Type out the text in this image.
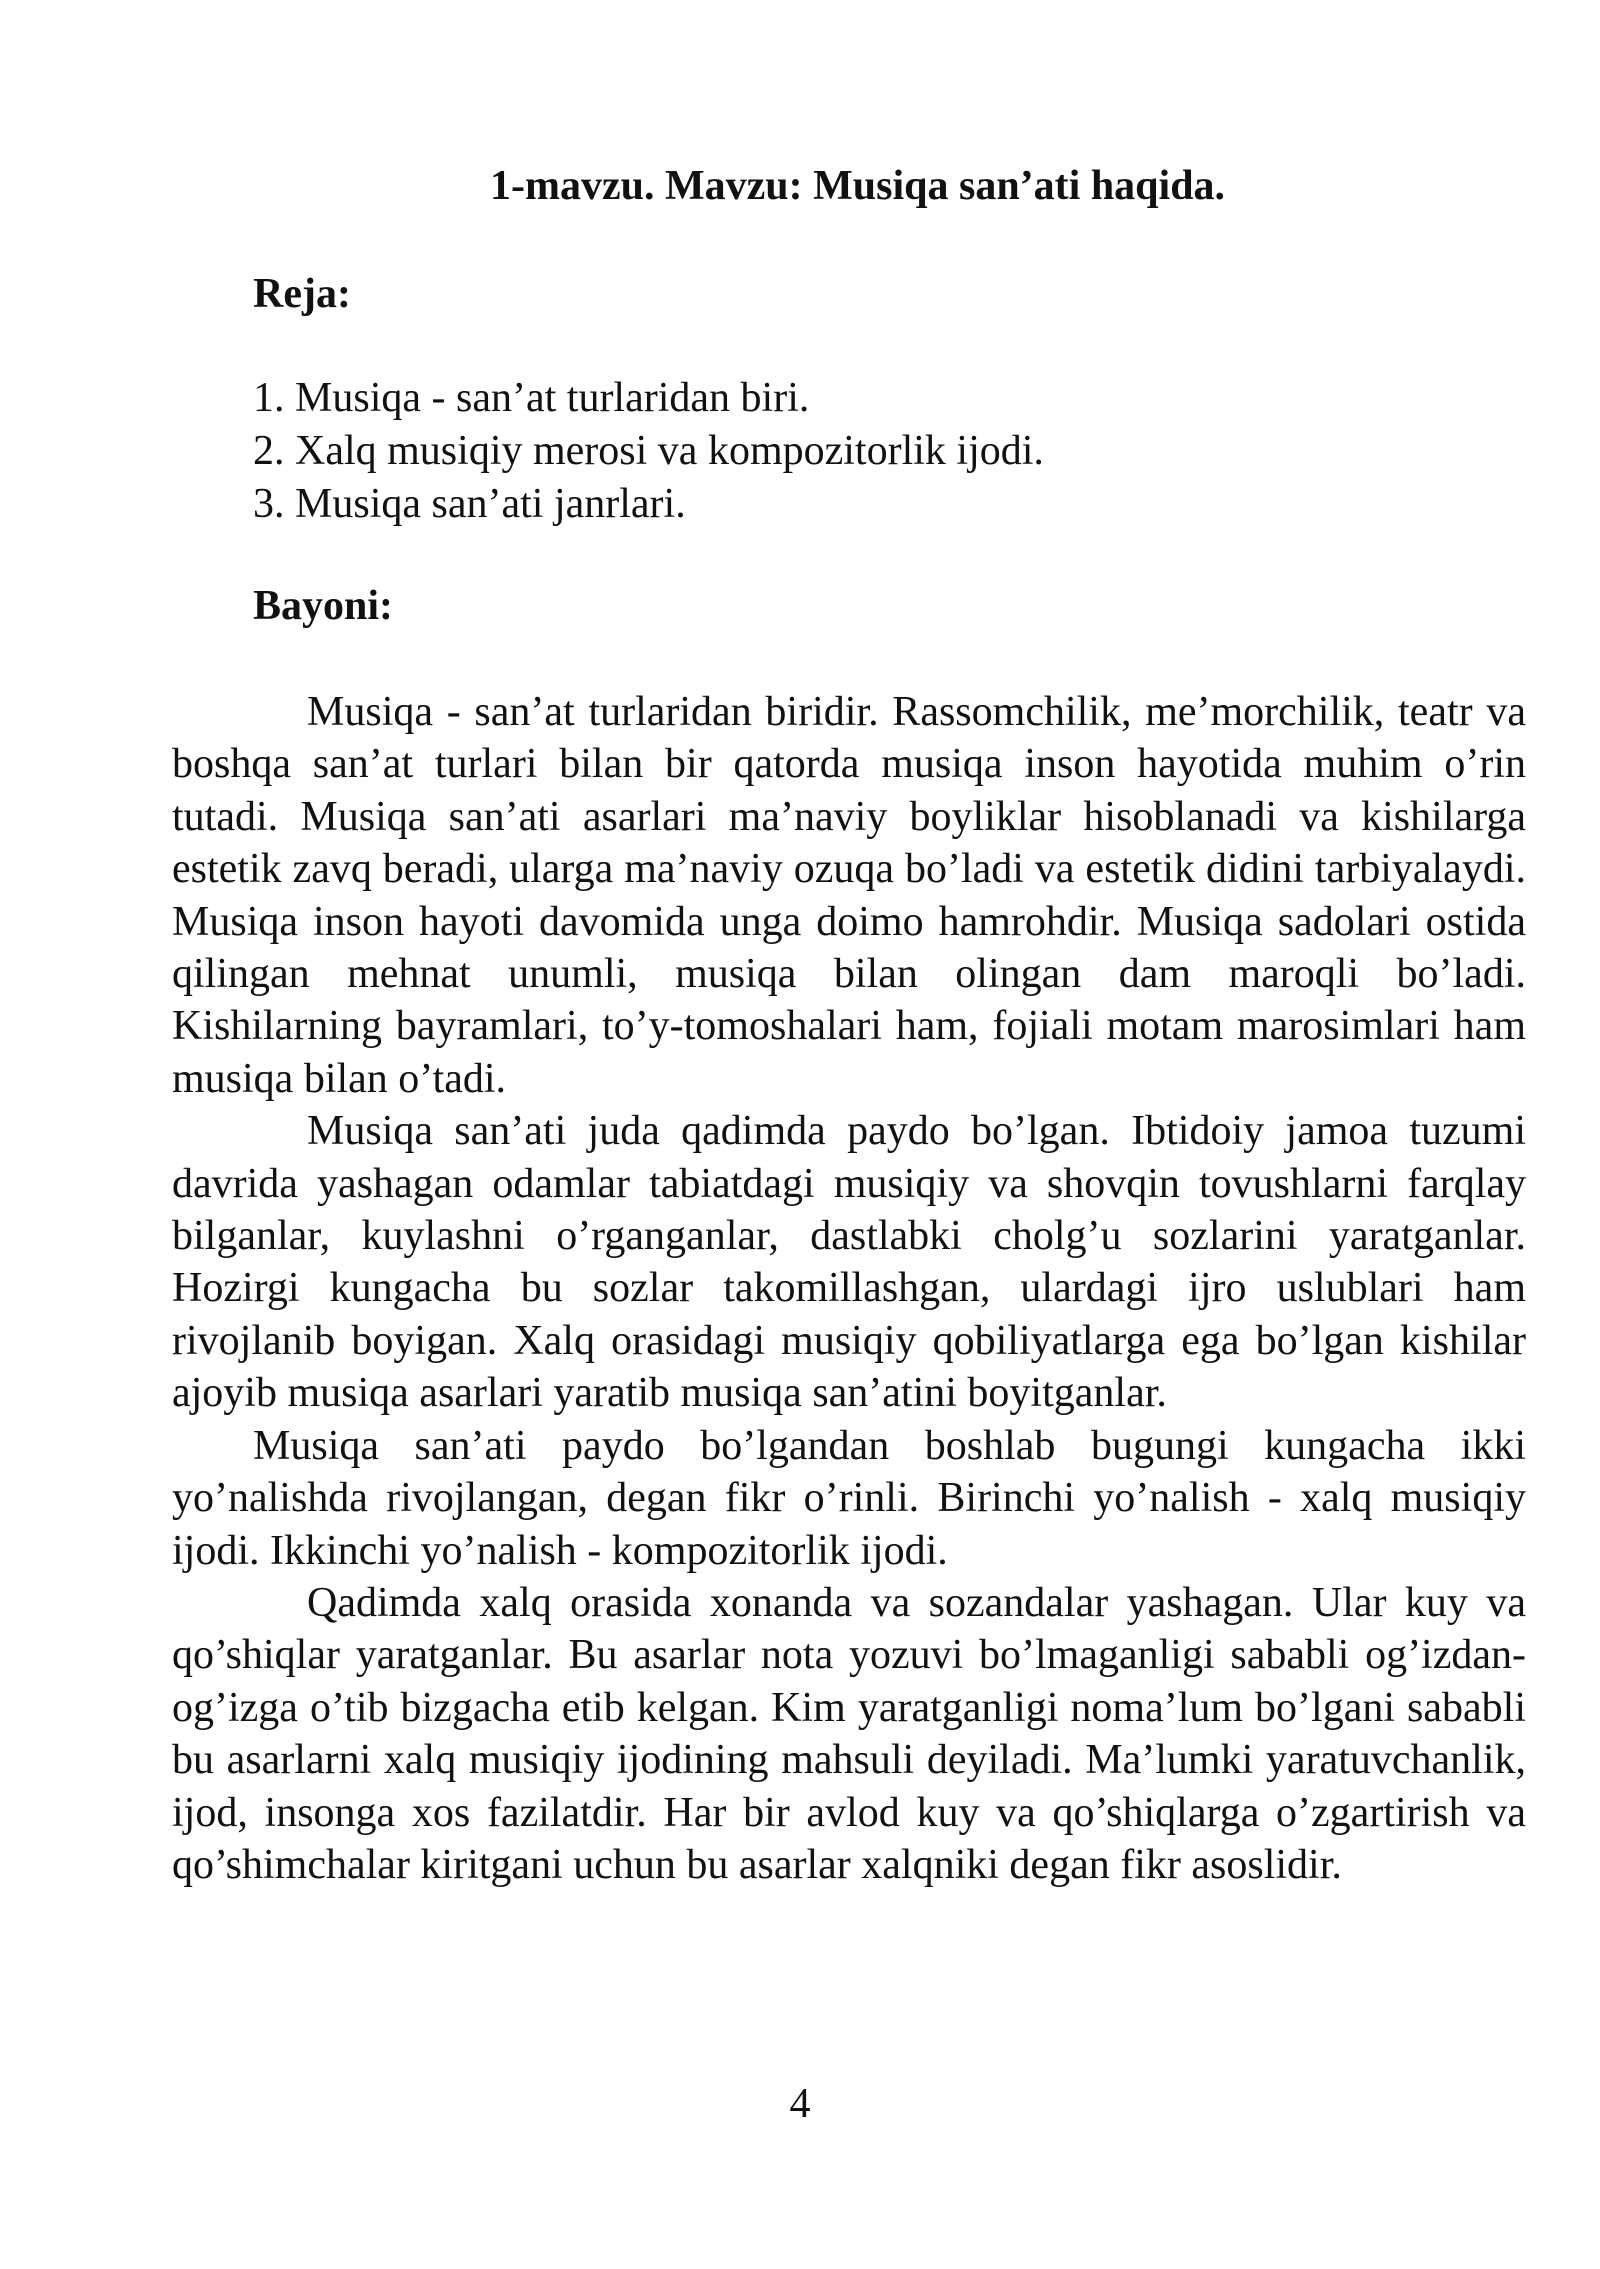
1-mavzu. Mavzu: Musiqa san’ati haqida.
Reja:
1. Musiqa - san’at turlaridan biri.
2. Xalq musiqiy merosi va kompozitorlik ijodi.
3. Musiqa san’ati janrlari.
Bayoni:

Musiqa - san’at turlaridan biridir. Rassomchilik, me’morchilik, teatr va boshqa san’at turlari bilan bir qatorda musiqa inson hayotida muhim o’rin tutadi. Musiqa san’ati asarlari ma’naviy boyliklar hisoblanadi va kishilarga estetik zavq beradi, ularga ma’naviy ozuqa bo’ladi va estetik didini tarbiyalaydi. Musiqa inson hayoti davomida unga doimo hamrohdir. Musiqa sadolari ostida qilingan mehnat unumli, musiqa bilan olingan dam maroqli bo’ladi. Kishilarning bayramlari, to’y-tomoshalari ham, fojiali motam marosimlari ham musiqa bilan o’tadi.

Musiqa san’ati juda qadimda paydo bo’lgan. Ibtidoiy jamoa tuzumi davrida yashagan odamlar tabiatdagi musiqiy va shovqin tovushlarni farqlay bilganlar, kuylashni o’rganganlar, dastlabki cholg’u sozlarini yaratganlar. Hozirgi kungacha bu sozlar takomillashgan, ulardagi ijro uslublari ham rivojlanib boyigan. Xalq orasidagi musiqiy qobiliyatlarga ega bo’lgan kishilar ajoyib musiqa asarlari yaratib musiqa san’atini boyitganlar.

Musiqa san’ati paydo bo’lgandan boshlab bugungi kungacha ikki yo’nalishda rivojlangan, degan fikr o’rinli. Birinchi yo’nalish - xalq musiqiy ijodi. Ikkinchi yo’nalish - kompozitorlik ijodi.

Qadimda xalq orasida xonanda va sozandalar yashagan. Ular kuy va qo’shiqlar yaratganlar. Bu asarlar nota yozuvi bo’lmaganligi sababli og’izdan-og’izga o’tib bizgacha etib kelgan. Kim yaratganligi noma’lum bo’lgani sababli bu asarlarni xalq musiqiy ijodining mahsuli deyiladi. Ma’lumki yaratuvchanlik, ijod, insonga xos fazilatdir. Har bir avlod kuy va qo’shiqlarga o’zgartirish va qo’shimchalar kiritgani uchun bu asarlar xalqniki degan fikr asoslidir.

4
